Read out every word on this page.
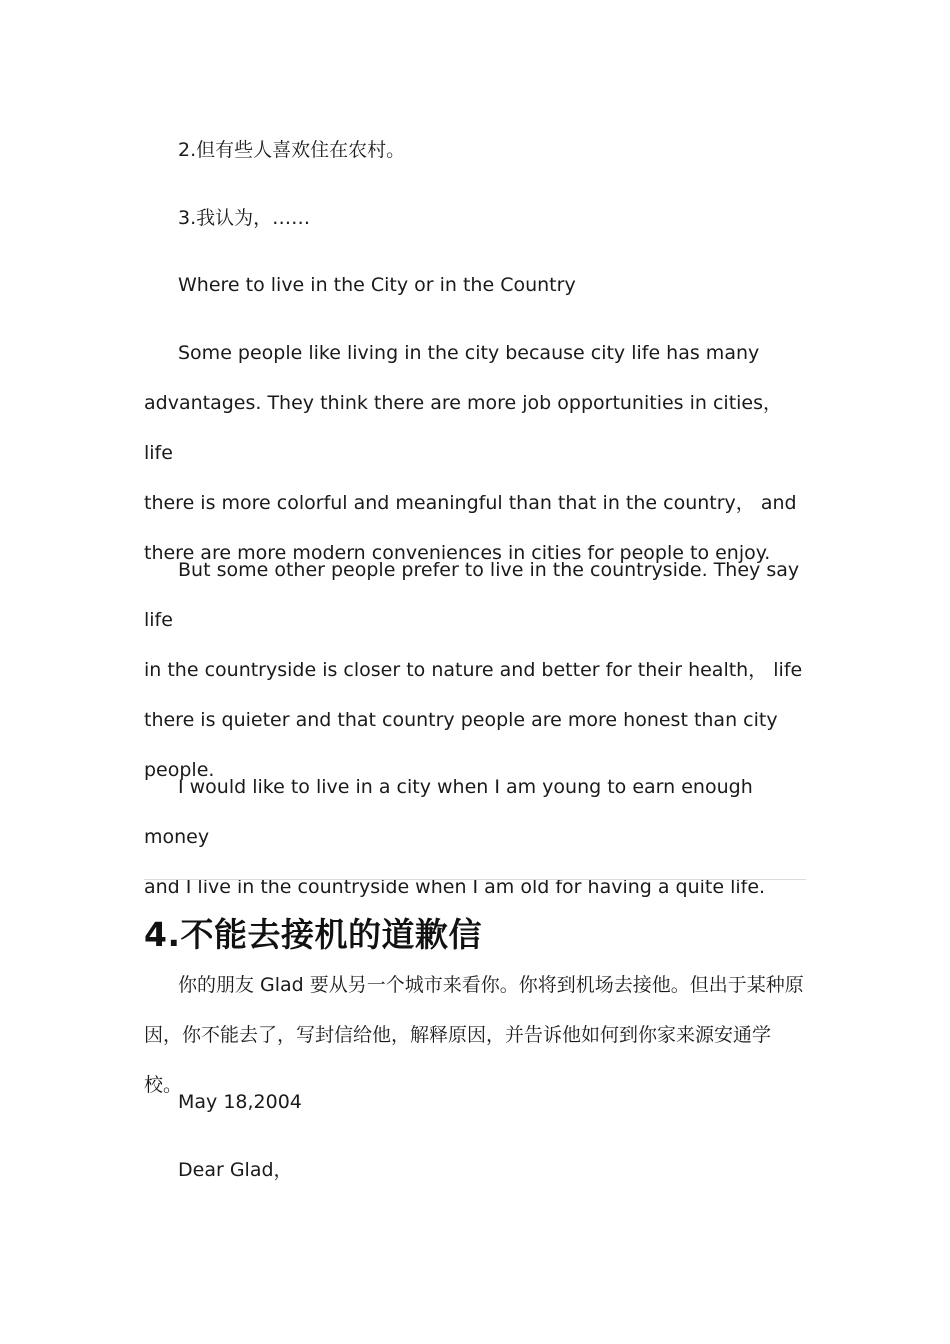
2.但有些人喜欢住在农村。

3.我认为，……

Where to live in the City or in the Country

Some people like living in the city because city life has many
advantages. They think there are more job opportunities in cities， life
there is more colorful and meaningful than that in the country， and
there are more modern conveniences in cities for people to enjoy.

But some other people prefer to live in the countryside. They say life
in the countryside is closer to nature and better for their health， life
there is quieter and that country people are more honest than city
people.

I would like to live in a city when I am young to earn enough money
and I live in the countryside when I am old for having a quite life.

4.不能去接机的道歉信

你的朋友 Glad 要从另一个城市来看你。你将到机场去接他。但出于某种原
因，你不能去了，写封信给他，解释原因，并告诉他如何到你家来源安通学校。

May 18,2004

Dear Glad，
